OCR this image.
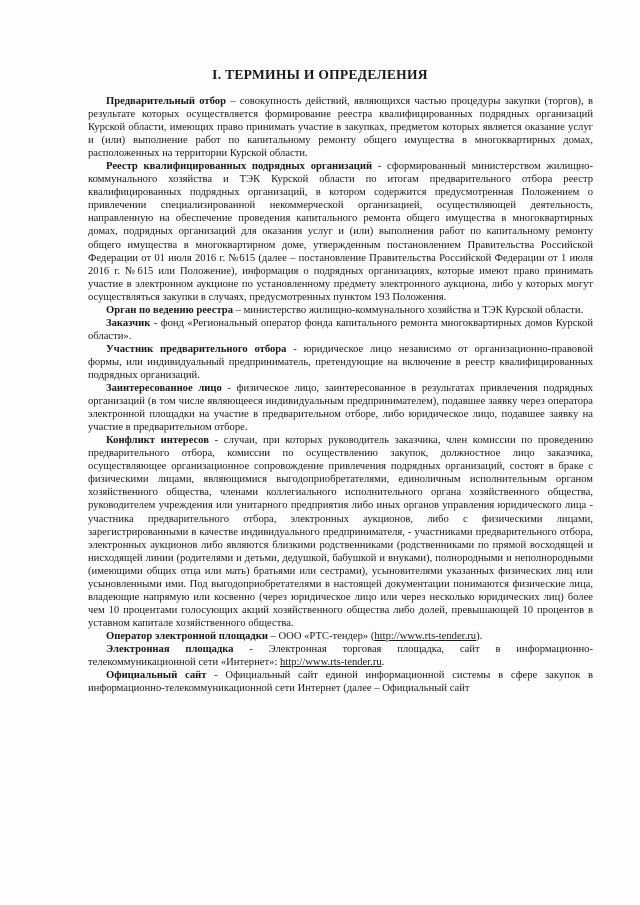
I. ТЕРМИНЫ И ОПРЕДЕЛЕНИЯ

Предварительный отбор – совокупность действий, являющихся частью процедуры закупки (торгов), в результате которых осуществляется формирование реестра квалифицированных подрядных организаций Курской области, имеющих право принимать участие в закупках, предметом которых является оказание услуг и (или) выполнение работ по капитальному ремонту общего имущества в многоквартирных домах, расположенных на территории Курской области.

Реестр квалифицированных подрядных организаций - сформированный министерством жилищно-коммунального хозяйства и ТЭК Курской области по итогам предварительного отбора реестр квалифицированных подрядных организаций, в котором содержится предусмотренная Положением о привлечении специализированной некоммерческой организацией, осуществляющей деятельность, направленную на обеспечение проведения капитального ремонта общего имущества в многоквартирных домах, подрядных организаций для оказания услуг и (или) выполнения работ по капитальному ремонту общего имущества в многоквартирном доме, утвержденным постановлением Правительства Российской Федерации от 01 июля 2016 г. №615 (далее – постановление Правительства Российской Федерации от 1 июля 2016 г. №615 или Положение), информация о подрядных организациях, которые имеют право принимать участие в электронном аукционе по установленному предмету электронного аукциона, либо у которых могут осуществляться закупки в случаях, предусмотренных пунктом 193 Положения.

Орган по ведению реестра – министерство жилищно-коммунального хозяйства и ТЭК Курской области.

Заказчик - фонд «Региональный оператор фонда капитального ремонта многоквартирных домов Курской области».

Участник предварительного отбора - юридическое лицо независимо от организационно-правовой формы, или индивидуальный предприниматель, претендующие на включение в реестр квалифицированных подрядных организаций.

Заинтересованное лицо - физическое лицо, заинтересованное в результатах привлечения подрядных организаций (в том числе являющееся индивидуальным предпринимателем), подавшее заявку через оператора электронной площадки на участие в предварительном отборе, либо юридическое лицо, подавшее заявку на участие в предварительном отборе.

Конфликт интересов - случаи, при которых руководитель заказчика, член комиссии по проведению предварительного отбора, комиссии по осуществлению закупок, должностное лицо заказчика, осуществляющее организационное сопровождение привлечения подрядных организаций, состоят в браке с физическими лицами, являющимися выгодоприобретателями, единоличным исполнительным органом хозяйственного общества, членами коллегиального исполнительного органа хозяйственного общества, руководителем учреждения или унитарного предприятия либо иных органов управления юридического лица - участника предварительного отбора, электронных аукционов, либо с физическими лицами, зарегистрированными в качестве индивидуального предпринимателя, - участниками предварительного отбора, электронных аукционов либо являются близкими родственниками (родственниками по прямой восходящей и нисходящей линии (родителями и детьми, дедушкой, бабушкой и внуками), полнородными и неполнородными (имеющими общих отца или мать) братьями или сестрами), усыновителями указанных физических лиц или усыновленными ими. Под выгодоприобретателями в настоящей документации понимаются физические лица, владеющие напрямую или косвенно (через юридическое лицо или через несколько юридических лиц) более чем 10 процентами голосующих акций хозяйственного общества либо долей, превышающей 10 процентов в уставном капитале хозяйственного общества.

Оператор электронной площадки – ООО «РТС-тендер» (http://www.rts-tender.ru).

Электронная площадка - Электронная торговая площадка, сайт в информационно-телекоммуникационной сети «Интернет»: http://www.rts-tender.ru.

Официальный сайт - Официальный сайт единой информационной системы в сфере закупок в информационно-телекоммуникационной сети Интернет (далее – Официальный сайт
